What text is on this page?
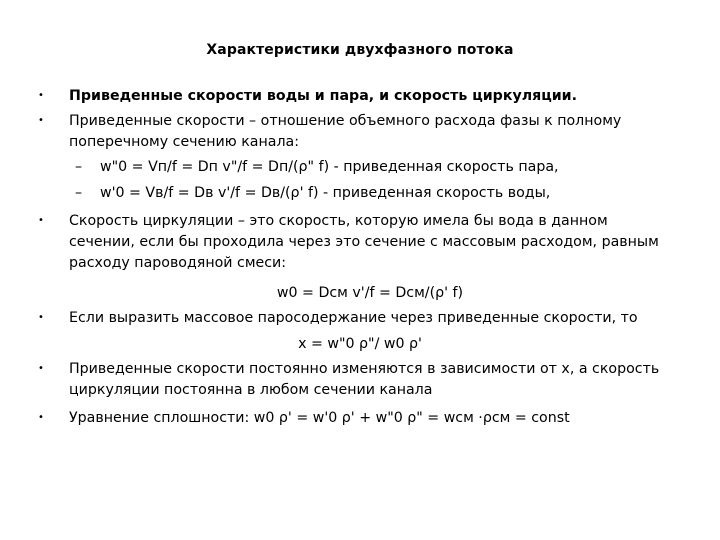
Характеристики двухфазного потока
• Приведенные скорости воды и пара, и скорость циркуляции.
• Приведенные скорости – отношение объемного расхода фазы к полному
поперечному сечению канала:
– w"0 = Vп/f = Dп v"/f = Dп/(ρ" f) - приведенная скорость пара,
– w'0 = Vв/f = Dв v'/f = Dв/(ρ' f) - приведенная скорость воды,
• Скорость циркуляции – это скорость, которую имела бы вода в данном
сечении, если бы проходила через это сечение с массовым расходом, равным
расходу пароводяной смеси:
w0 = Dсм v'/f = Dсм/(ρ' f)
• Если выразить массовое паросодержание через приведенные скорости, то
x = w"0 ρ"/ w0 ρ'
• Приведенные скорости постоянно изменяются в зависимости от x, а скорость
циркуляции постоянна в любом сечении канала
• Уравнение сплошности: w0 ρ' = w'0 ρ' + w"0 ρ" = wсм ·ρсм = const
